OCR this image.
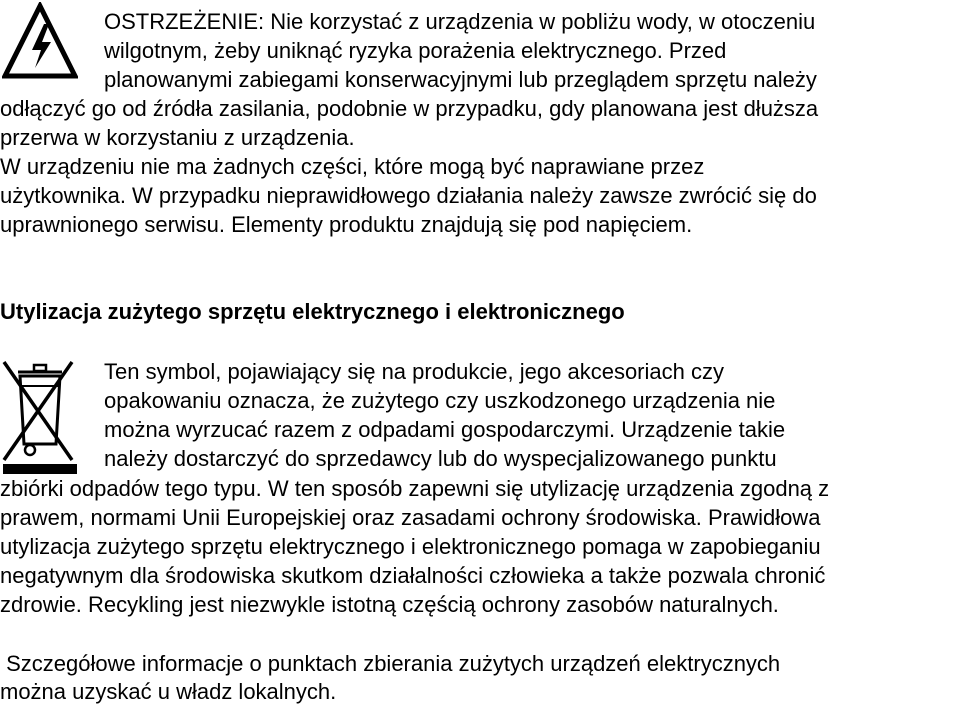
OSTRZEŻENIE: Nie korzystać z urządzenia w pobliżu wody, w otoczeniu
wilgotnym, żeby uniknąć ryzyka porażenia elektrycznego. Przed
planowanymi zabiegami konserwacyjnymi lub przeglądem sprzętu należy
odłączyć go od źródła zasilania, podobnie w przypadku, gdy planowana jest dłuższa
przerwa w korzystaniu z urządzenia.
W urządzeniu nie ma żadnych części, które mogą być naprawiane przez
użytkownika. W przypadku nieprawidłowego działania należy zawsze zwrócić się do
uprawnionego serwisu. Elementy produktu znajdują się pod napięciem.
Utylizacja zużytego sprzętu elektrycznego i elektronicznego
Ten symbol, pojawiający się na produkcie, jego akcesoriach czy
opakowaniu oznacza, że zużytego czy uszkodzonego urządzenia nie
można wyrzucać razem z odpadami gospodarczymi. Urządzenie takie
należy dostarczyć do sprzedawcy lub do wyspecjalizowanego punktu
zbiórki odpadów tego typu. W ten sposób zapewni się utylizację urządzenia zgodną z
prawem, normami Unii Europejskiej oraz zasadami ochrony środowiska. Prawidłowa
utylizacja zużytego sprzętu elektrycznego i elektronicznego pomaga w zapobieganiu
negatywnym dla środowiska skutkom działalności człowieka a także pozwala chronić
zdrowie. Recykling jest niezwykle istotną częścią ochrony zasobów naturalnych.
Szczegółowe informacje o punktach zbierania zużytych urządzeń elektrycznych
można uzyskać u władz lokalnych.
